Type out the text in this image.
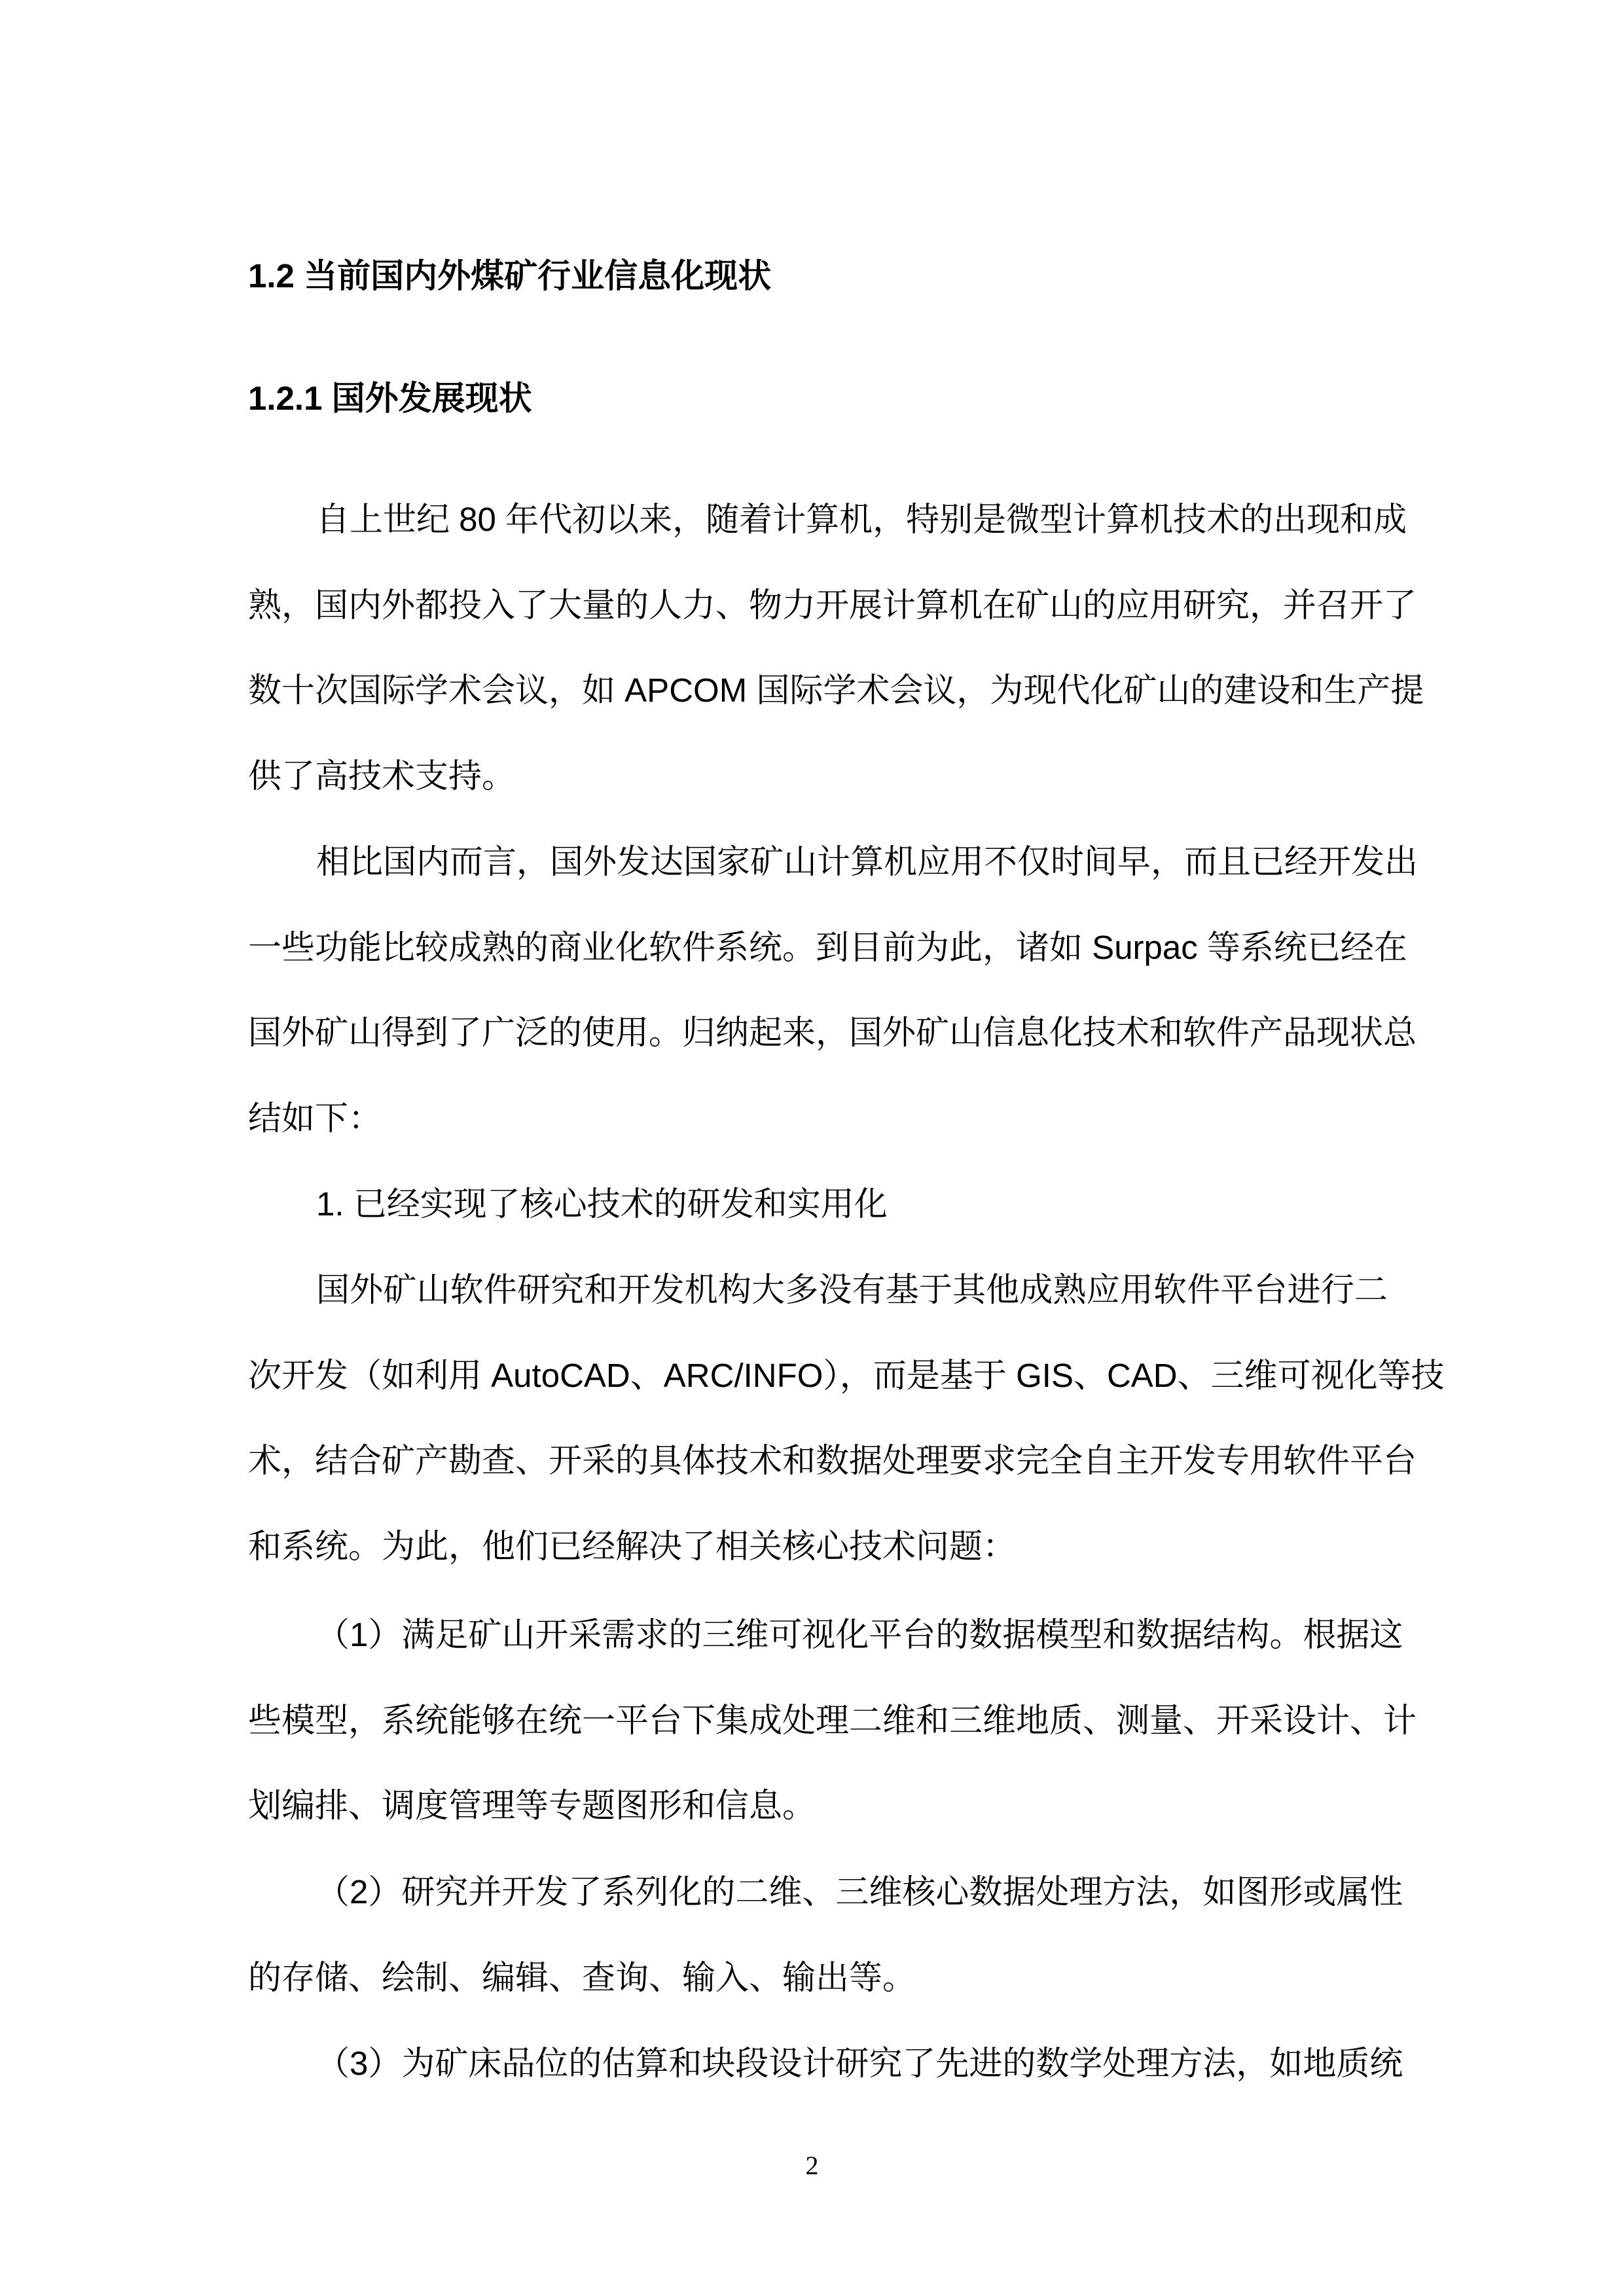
1.2 当前国内外煤矿行业信息化现状
1.2.1 国外发展现状
自上世纪 80 年代初以来，随着计算机，特别是微型计算机技术的出现和成
熟，国内外都投入了大量的人力、物力开展计算机在矿山的应用研究，并召开了
数十次国际学术会议，如 APCOM 国际学术会议，为现代化矿山的建设和生产提
供了高技术支持。
相比国内而言，国外发达国家矿山计算机应用不仅时间早，而且已经开发出
一些功能比较成熟的商业化软件系统。到目前为此，诸如 Surpac 等系统已经在
国外矿山得到了广泛的使用。归纳起来，国外矿山信息化技术和软件产品现状总
结如下：
1. 已经实现了核心技术的研发和实用化
国外矿山软件研究和开发机构大多没有基于其他成熟应用软件平台进行二
次开发（如利用 AutoCAD、ARC/INFO），而是基于 GIS、CAD、三维可视化等技
术，结合矿产勘查、开采的具体技术和数据处理要求完全自主开发专用软件平台
和系统。为此，他们已经解决了相关核心技术问题：
（1）满足矿山开采需求的三维可视化平台的数据模型和数据结构。根据这
些模型，系统能够在统一平台下集成处理二维和三维地质、测量、开采设计、计
划编排、调度管理等专题图形和信息。
（2）研究并开发了系列化的二维、三维核心数据处理方法，如图形或属性
的存储、绘制、编辑、查询、输入、输出等。
（3）为矿床品位的估算和块段设计研究了先进的数学处理方法，如地质统
2
